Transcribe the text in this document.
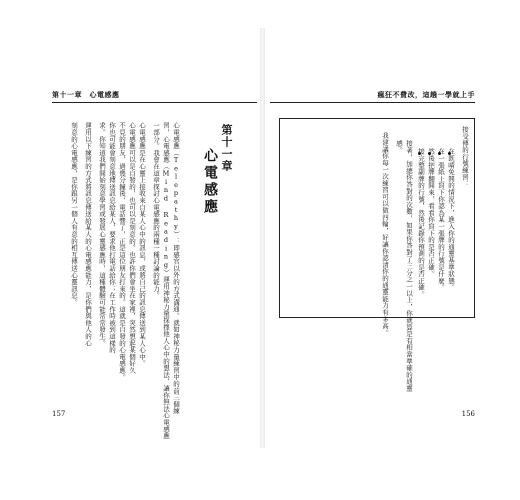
第十一章　心電感應
第十一章
心電感應
心電感應（Telepathy）：即感官以外的方式溝通。就如神秘力量練習中的前三個練
習，心電感應（Mind Reading）運用神秘力量探擇他人心中的想法，讓你無法心電感應
一部分。我會在這章探討心電感應的兩種一種討論的能力。
心電感應是在心靈上接收來自某人心中的訊息，或將自己的訊息傳送到某人心中。
心電感應可以是自發的，也可以是刻意的。也許你們會坐在家裡，突然想起某個好久
不見的朋友，過幾分鐘後，電話響了，正是這位朋友打來的。這就是自發的心電感應。
你也可能會刻意地傳送訊息給某人，要求他打電話給你；在工作時被到這樣的
求。你知道我們開始刻意學習或發展心靈感應時，這種體驗可能常常發生。
運用以下練習的方式將訊息傳送給某人的心電感應能力，是你們與他人的心
刻意的心電感應，是你跟另一個人有意的相互傳送心靈訊息。
157
瘋狂不費改，這趟一學就上手
接受傳的行號練習：
在既晴免開的情況下，進入你的通靈基準狀態。
在一張紙上寫下你認為某一張牌的行號是什麼。
然後把牌翻開來，看看你寫下的是否正確。
接完整副牌的行號，然後記錄你預測的是否正確。
接著，加總你答對的次數，如果你答對了三分之一以上，你就算是有相當準確的通靈
感。
我建議你每一次練習可以做四輪，好讓你認清你的通靈能力有多高。
156
